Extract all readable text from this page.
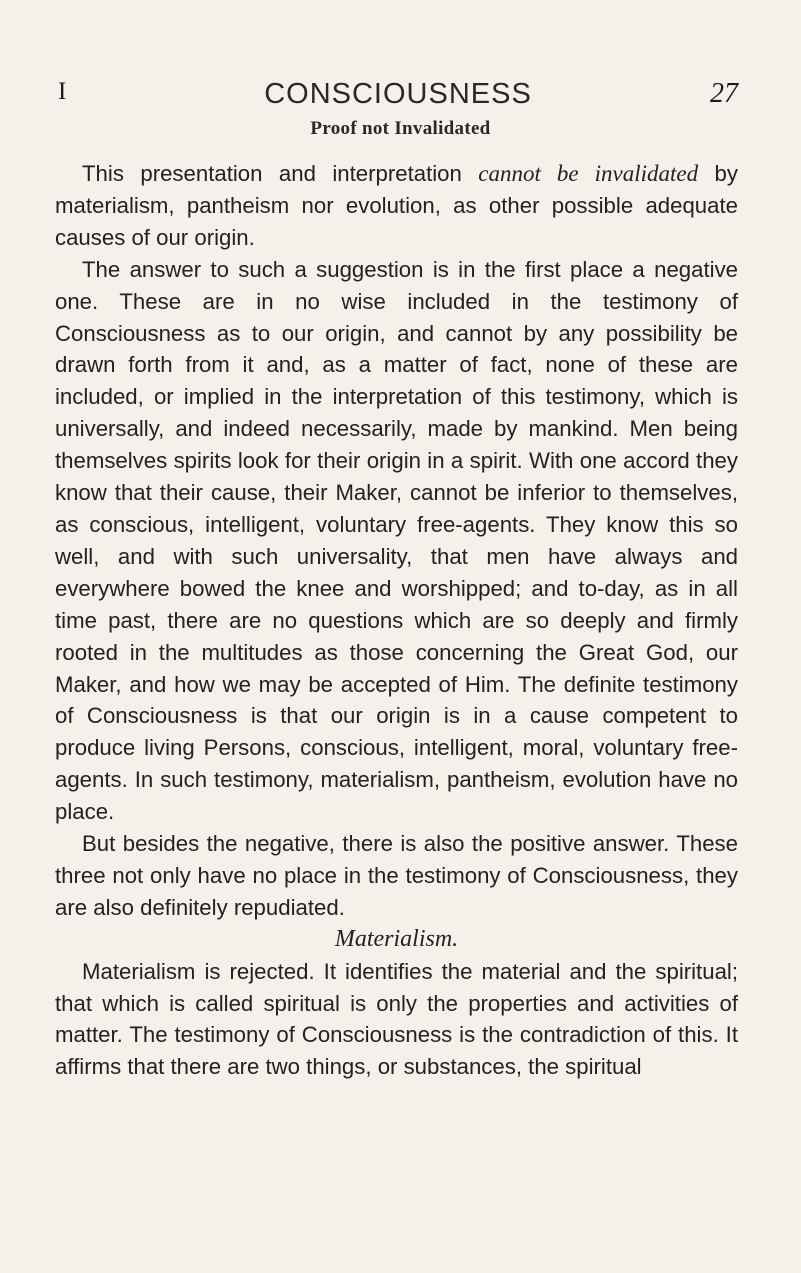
I	CONSCIOUSNESS	27
Proof not Invalidated

This presentation and interpretation cannot be invalidated by materialism, pantheism nor evolution, as other possible adequate causes of our origin.

The answer to such a suggestion is in the first place a negative one. These are in no wise included in the testimony of Consciousness as to our origin, and cannot by any possibility be drawn forth from it and, as a matter of fact, none of these are included, or implied in the interpretation of this testimony, which is universally, and indeed necessarily, made by mankind. Men being themselves spirits look for their origin in a spirit. With one accord they know that their cause, their Maker, cannot be inferior to themselves, as conscious, intelligent, voluntary free-agents. They know this so well, and with such universality, that men have always and everywhere bowed the knee and worshipped; and to-day, as in all time past, there are no questions which are so deeply and firmly rooted in the multitudes as those concerning the Great God, our Maker, and how we may be accepted of Him. The definite testimony of Consciousness is that our origin is in a cause competent to produce living Persons, conscious, intelligent, moral, voluntary free-agents. In such testimony, materialism, pantheism, evolution have no place.

But besides the negative, there is also the positive answer. These three not only have no place in the testimony of Consciousness, they are also definitely repudiated.

Materialism.

Materialism is rejected. It identifies the material and the spiritual; that which is called spiritual is only the properties and activities of matter. The testimony of Consciousness is the contradiction of this. It affirms that there are two things, or substances, the spiritual
